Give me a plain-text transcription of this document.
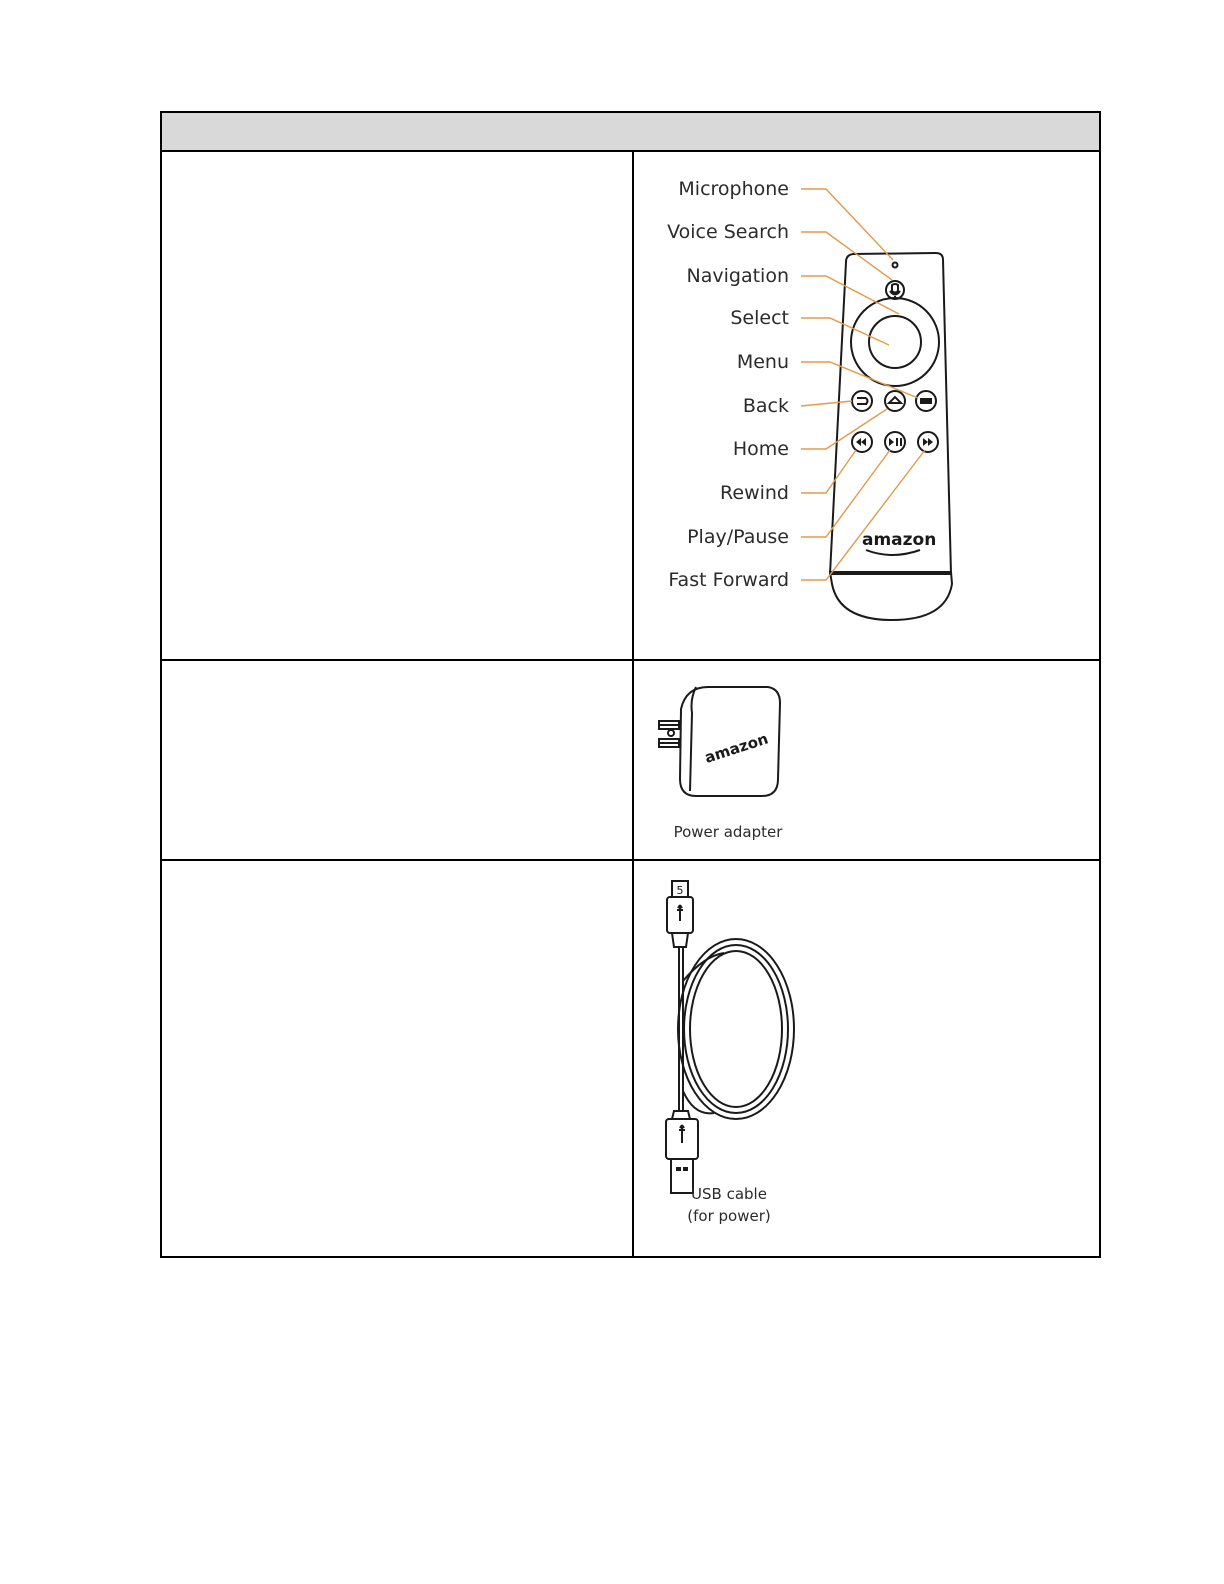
Microphone
Voice Search
Navigation
Select
Menu
Back
Home
Rewind
Play/Pause
Fast Forward
amazon
amazon
Power adapter
5
USB cable
(for power)
